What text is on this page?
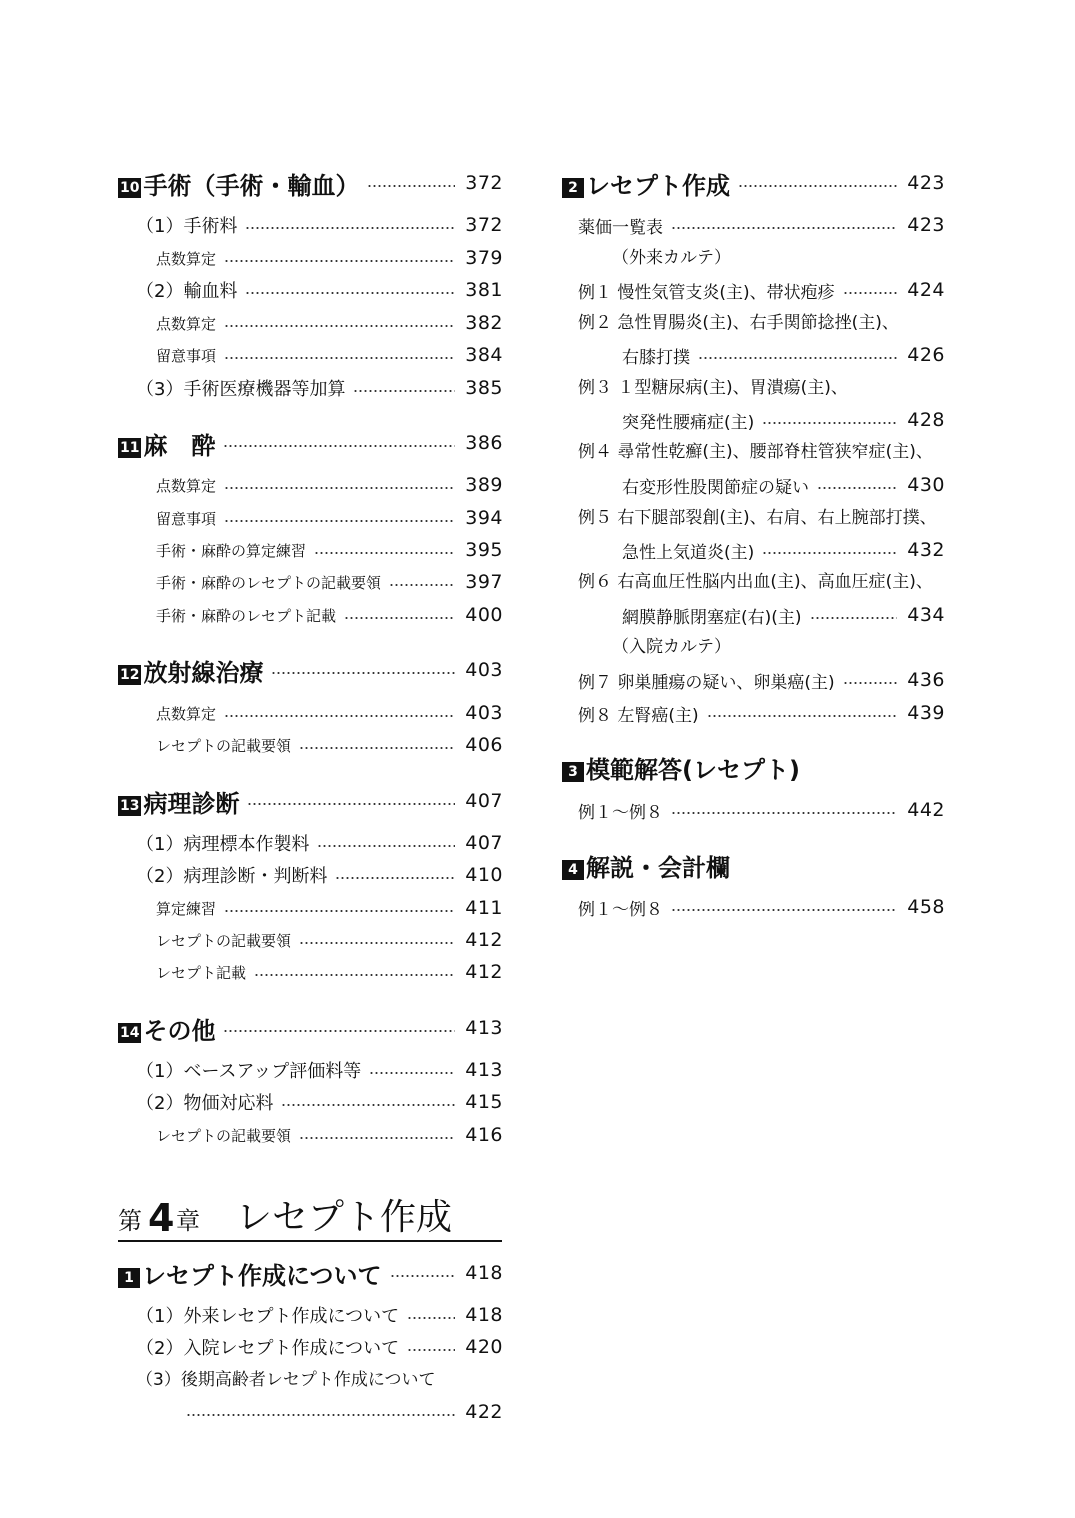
10 手術（手術・輸血）	372
（1）手術料	372
点数算定	379
（2）輸血料	381
点数算定	382
留意事項	384
（3）手術医療機器等加算	385
11 麻　酔	386
点数算定	389
留意事項	394
手術・麻酔の算定練習	395
手術・麻酔のレセプトの記載要領	397
手術・麻酔のレセプト記載	400
12 放射線治療	403
点数算定	403
レセプトの記載要領	406
13 病理診断	407
（1）病理標本作製料	407
（2）病理診断・判断料	410
算定練習	411
レセプトの記載要領	412
レセプト記載	412
14 その他	413
（1）ベースアップ評価料等	413
（2）物価対応料	415
レセプトの記載要領	416
2 レセプト作成	423
薬価一覧表	423
（外来カルテ）
例１ 慢性気管支炎(主)、帯状疱疹	424
例２ 急性胃腸炎(主)、右手関節捻挫(主)、
右膝打撲	426
例３ １型糖尿病(主)、胃潰瘍(主)、
突発性腰痛症(主)	428
例４ 尋常性乾癬(主)、腰部脊柱管狭窄症(主)、
右変形性股関節症の疑い	430
例５ 右下腿部裂創(主)、右肩、右上腕部打撲、
急性上気道炎(主)	432
例６ 右高血圧性脳内出血(主)、高血圧症(主)、
網膜静脈閉塞症(右)(主)	434
（入院カルテ）
例７ 卵巣腫瘍の疑い、卵巣癌(主)	436
例８ 左腎癌(主)	439
3 模範解答(レセプト)
例１～例８	442
4 解説・会計欄
例１～例８	458
第 4 章 レセプト作成
1 レセプト作成について	418
（1）外来レセプト作成について	418
（2）入院レセプト作成について	420
（3）後期高齢者レセプト作成について
422
